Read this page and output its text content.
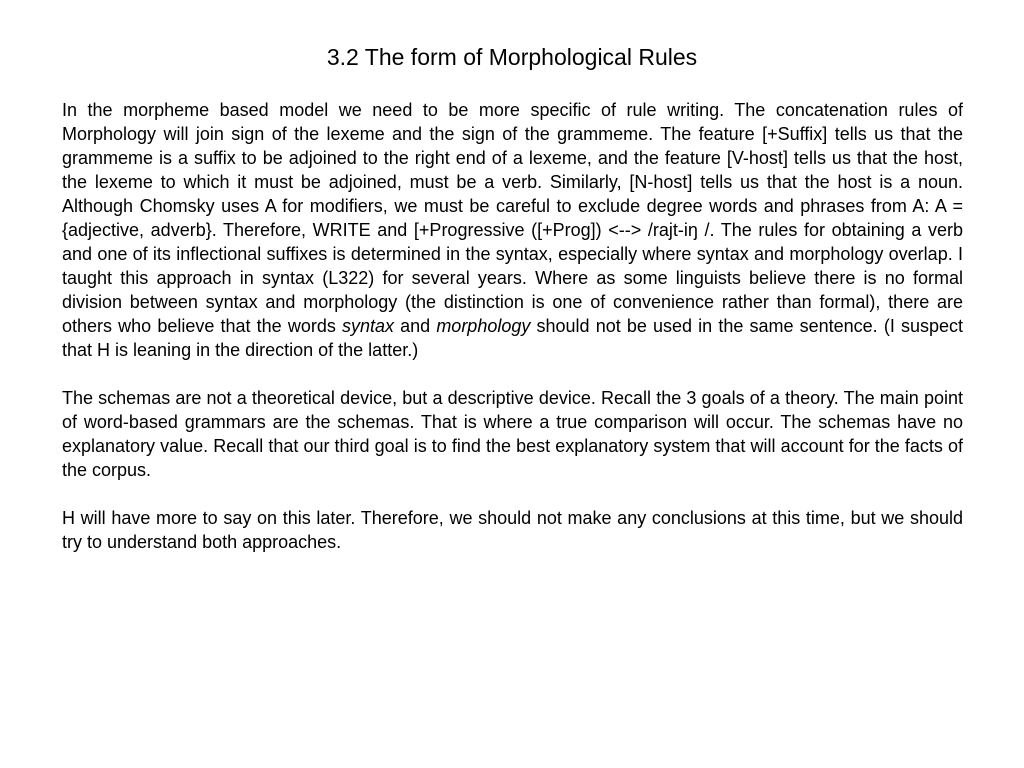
3.2 The form of Morphological Rules

In the morpheme based model we need to be more specific of rule writing. The concatenation rules of Morphology will join sign of the lexeme and the sign of the grammeme. The feature [+Suffix] tells us that the grammeme is a suffix to be adjoined to the right end of a lexeme, and the feature [V-host] tells us that the host, the lexeme to which it must be adjoined, must be a verb. Similarly, [N-host] tells us that the host is a noun. Although Chomsky uses A for modifiers, we must be careful to exclude degree words and phrases from A: A = {adjective, adverb}. Therefore, WRITE and [+Progressive ([+Prog]) <--> /rajt-iŋ /. The rules for obtaining a verb and one of its inflectional suffixes is determined in the syntax, especially where syntax and morphology overlap. I taught this approach in syntax (L322) for several years. Where as some linguists believe there is no formal division between syntax and morphology (the distinction is one of convenience rather than formal), there are others who believe that the words syntax and morphology should not be used in the same sentence. (I suspect that H is leaning in the direction of the latter.)

The schemas are not a theoretical device, but a descriptive device. Recall the 3 goals of a theory. The main point of word-based grammars are the schemas. That is where a true comparison will occur. The schemas have no explanatory value. Recall that our third goal is to find the best explanatory system that will account for the facts of the corpus.

H will have more to say on this later. Therefore, we should not make any conclusions at this time, but we should try to understand both approaches.
